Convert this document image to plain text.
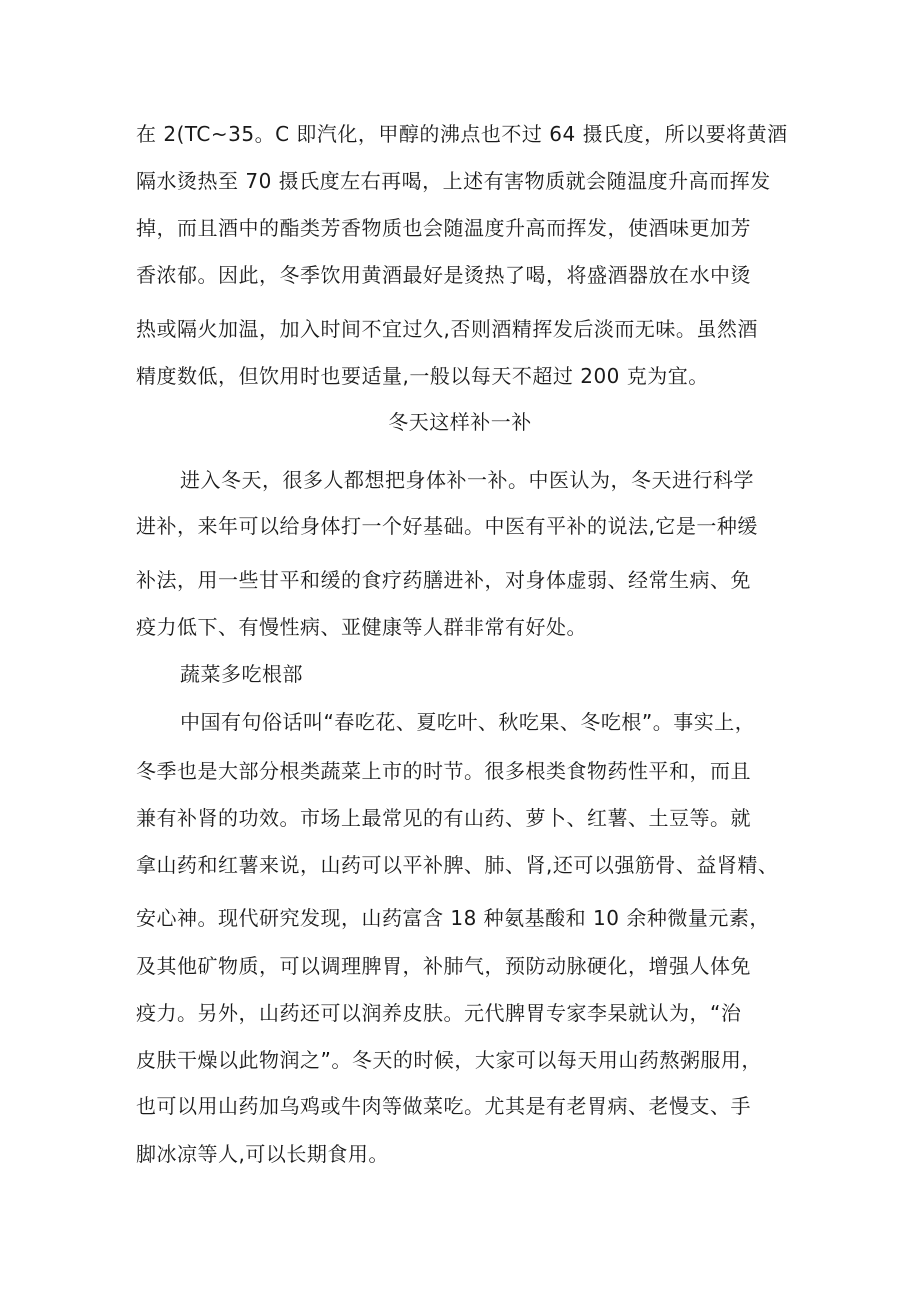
在 2(TC~35。C 即汽化，甲醇的沸点也不过 64 摄氏度，所以要将黄酒
隔水烫热至 70 摄氏度左右再喝，上述有害物质就会随温度升高而挥发
掉，而且酒中的酯类芳香物质也会随温度升高而挥发，使酒味更加芳
香浓郁。因此，冬季饮用黄酒最好是烫热了喝，将盛酒器放在水中烫
热或隔火加温，加入时间不宜过久,否则酒精挥发后淡而无味。虽然酒
精度数低，但饮用时也要适量,一般以每天不超过 200 克为宜。
冬天这样补一补
进入冬天，很多人都想把身体补一补。中医认为，冬天进行科学
进补，来年可以给身体打一个好基础。中医有平补的说法,它是一种缓
补法，用一些甘平和缓的食疗药膳进补，对身体虚弱、经常生病、免
疫力低下、有慢性病、亚健康等人群非常有好处。
蔬菜多吃根部
中国有句俗话叫“春吃花、夏吃叶、秋吃果、冬吃根”。事实上，
冬季也是大部分根类蔬菜上市的时节。很多根类食物药性平和，而且
兼有补肾的功效。市场上最常见的有山药、萝卜、红薯、土豆等。就
拿山药和红薯来说，山药可以平补脾、肺、肾,还可以强筋骨、益肾精、
安心神。现代研究发现，山药富含 18 种氨基酸和 10 余种微量元素，
及其他矿物质，可以调理脾胃，补肺气，预防动脉硬化，增强人体免
疫力。另外，山药还可以润养皮肤。元代脾胃专家李杲就认为，“治
皮肤干燥以此物润之”。冬天的时候，大家可以每天用山药熬粥服用，
也可以用山药加乌鸡或牛肉等做菜吃。尤其是有老胃病、老慢支、手
脚冰凉等人,可以长期食用。
